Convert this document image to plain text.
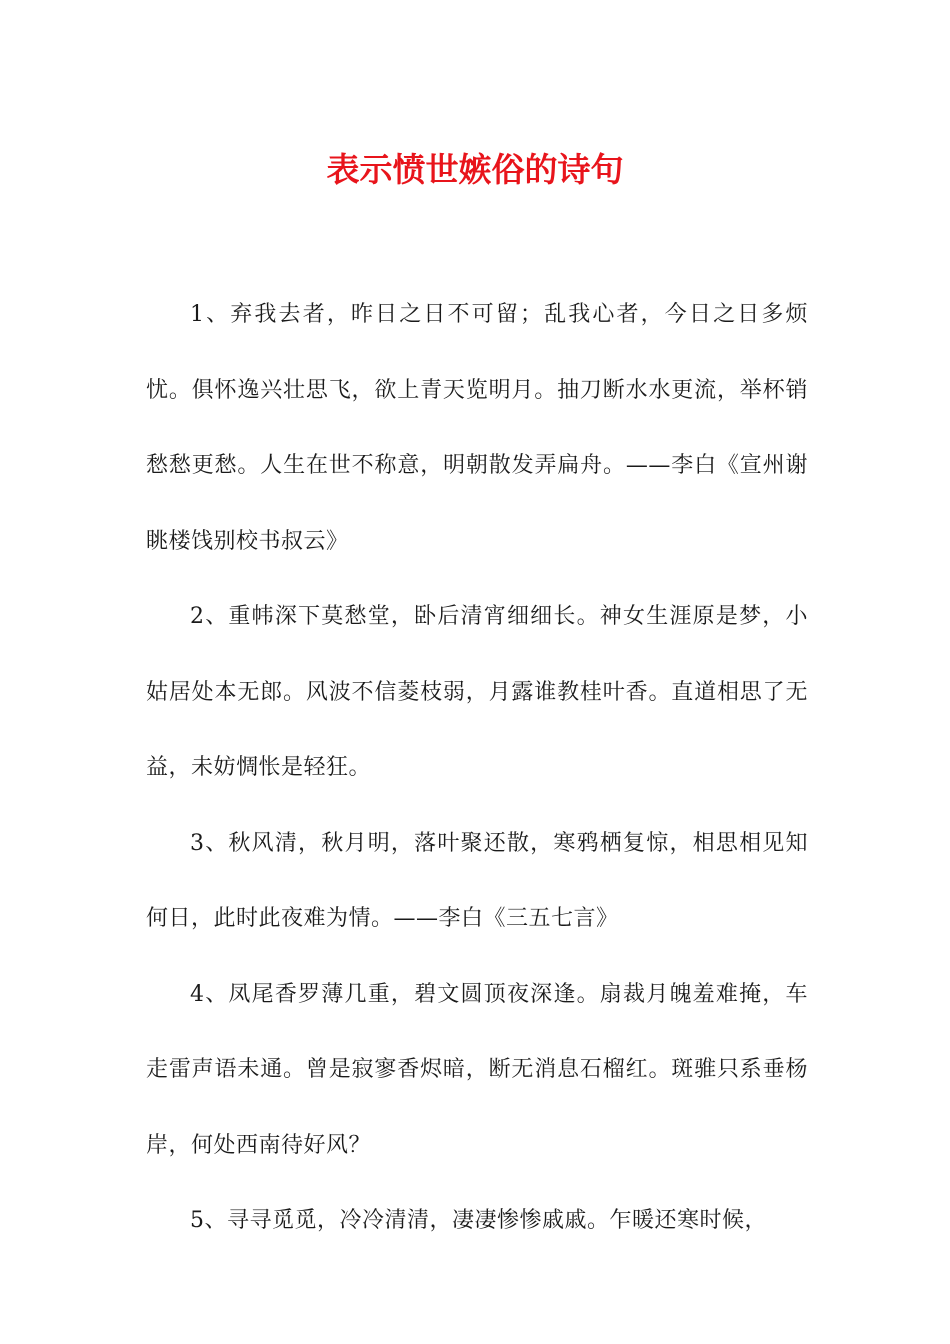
表示愤世嫉俗的诗句

1、弃我去者，昨日之日不可留；乱我心者，今日之日多烦忧。俱怀逸兴壮思飞，欲上青天览明月。抽刀断水水更流，举杯销愁愁更愁。人生在世不称意，明朝散发弄扁舟。——李白《宣州谢眺楼饯别校书叔云》

2、重帏深下莫愁堂，卧后清宵细细长。神女生涯原是梦，小姑居处本无郎。风波不信菱枝弱，月露谁教桂叶香。直道相思了无益，未妨惆怅是轻狂。

3、秋风清，秋月明，落叶聚还散，寒鸦栖复惊，相思相见知何日，此时此夜难为情。——李白《三五七言》

4、凤尾香罗薄几重，碧文圆顶夜深逢。扇裁月魄羞难掩，车走雷声语未通。曾是寂寥香烬暗，断无消息石榴红。斑骓只系垂杨岸，何处西南待好风？

5、寻寻觅觅，冷冷清清，凄凄惨惨戚戚。乍暖还寒时候，
